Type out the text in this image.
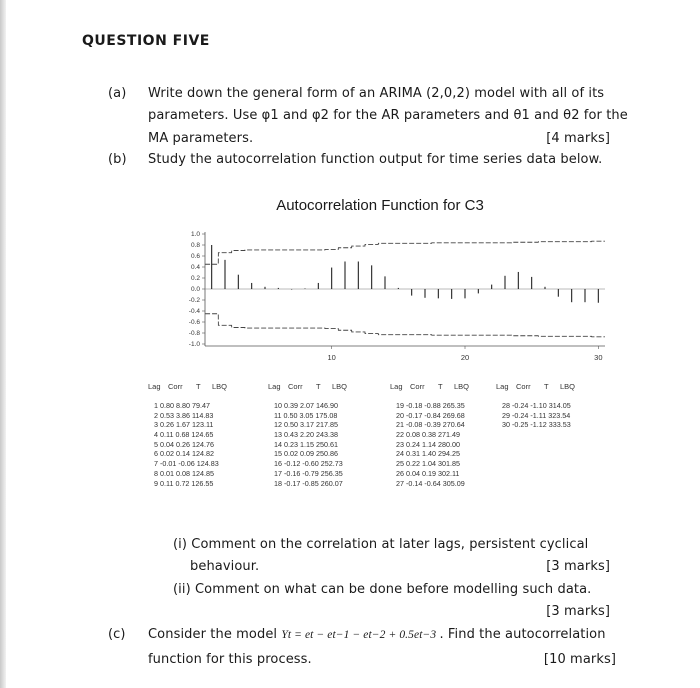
QUESTION FIVE
(a) Write down the general form of an ARIMA (2,0,2) model with all of its
parameters. Use φ1 and φ2 for the AR parameters and θ1 and θ2 for the
MA parameters.	[4 marks]
(b) Study the autocorrelation function output for time series data below.
Autocorrelation Function for C3
1.0
0.8
0.6
0.4
0.2
0.0
-0.2
-0.4
-0.6
-0.8
-1.0
10	20	30
Lag Corr T LBQ	Lag Corr T LBQ	Lag Corr T LBQ	Lag Corr T LBQ
1 0.80 8.80 79.47
2 0.53 3.86 114.83
3 0.26 1.67 123.11
4 0.11 0.68 124.65
5 0.04 0.26 124.76
6 0.02 0.14 124.82
7 -0.01 -0.06 124.83
8 0.01 0.08 124.85
9 0.11 0.72 126.55
10 0.39 2.07 146.90
11 0.50 3.05 175.08
12 0.50 3.17 217.85
13 0.43 2.20 243.38
14 0.23 1.15 250.61
15 0.02 0.09 250.86
16 -0.12 -0.60 252.73
17 -0.16 -0.79 256.35
18 -0.17 -0.85 260.07
19 -0.18 -0.88 265.35
20 -0.17 -0.84 269.68
21 -0.08 -0.39 270.64
22 0.08 0.38 271.49
23 0.24 1.14 280.00
24 0.31 1.40 294.25
25 0.22 1.04 301.85
26 0.04 0.19 302.11
27 -0.14 -0.64 305.09
28 -0.24 -1.10 314.05
29 -0.24 -1.11 323.54
30 -0.25 -1.12 333.53
(i) Comment on the correlation at later lags, persistent cyclical
behaviour.	[3 marks]
(ii) Comment on what can be done before modelling such data.
[3 marks]
(c) Consider the model Yt = et − et−1 − et−2 + 0.5et−3 . Find the autocorrelation
function for this process.	[10 marks]
